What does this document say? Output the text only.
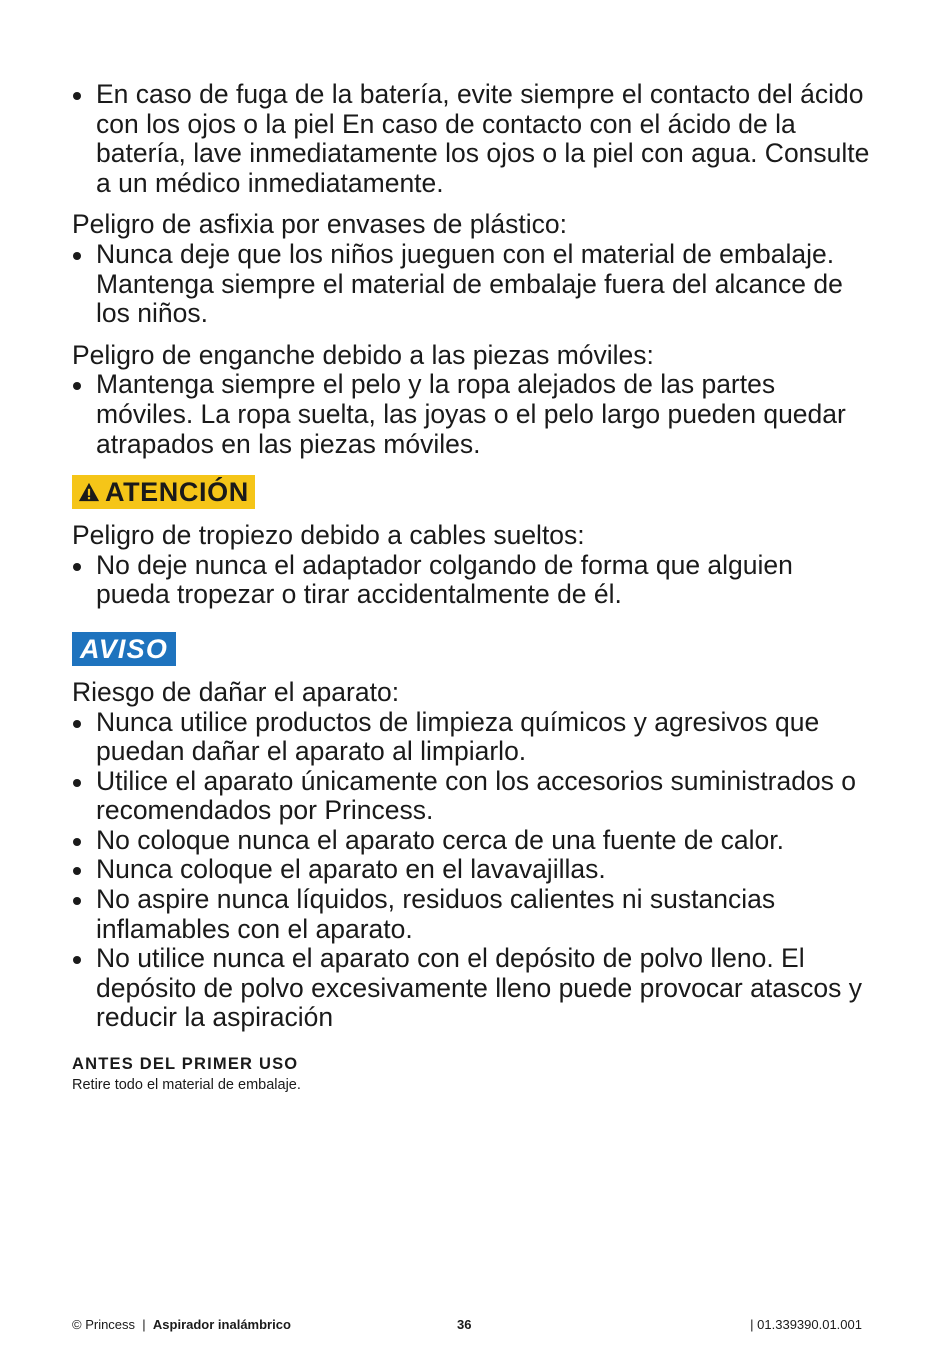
En caso de fuga de la batería, evite siempre el contacto del ácido con los ojos o la piel En caso de contacto con el ácido de la batería, lave inmediatamente los ojos o la piel con agua. Consulte a un médico inmediatamente.
Peligro de asfixia por envases de plástico:
Nunca deje que los niños jueguen con el material de embalaje. Mantenga siempre el material de embalaje fuera del alcance de los niños.
Peligro de enganche debido a las piezas móviles:
Mantenga siempre el pelo y la ropa alejados de las partes móviles. La ropa suelta, las joyas o el pelo largo pueden quedar atrapados en las piezas móviles.
ATENCIÓN
Peligro de tropiezo debido a cables sueltos:
No deje nunca el adaptador colgando de forma que alguien pueda tropezar o tirar accidentalmente de él.
AVISO
Riesgo de dañar el aparato:
Nunca utilice productos de limpieza químicos y agresivos que puedan dañar el aparato al limpiarlo.
Utilice el aparato únicamente con los accesorios suministrados o recomendados por Princess.
No coloque nunca el aparato cerca de una fuente de calor.
Nunca coloque el aparato en el lavavajillas.
No aspire nunca líquidos, residuos calientes ni sustancias inflamables con el aparato.
No utilice nunca el aparato con el depósito de polvo lleno. El depósito de polvo excesivamente lleno puede provocar atascos y reducir la aspiración
ANTES DEL PRIMER USO
Retire todo el material de embalaje.
© Princess | Aspirador inalámbrico	36	| 01.339390.01.001
